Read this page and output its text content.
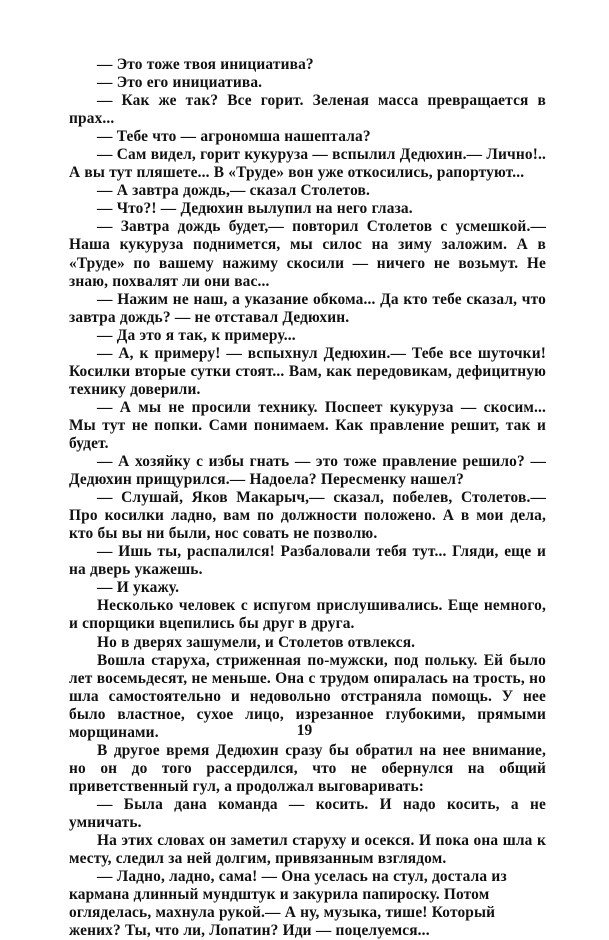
— Это тоже твоя инициатива?

— Это его инициатива.

— Как же так? Все горит. Зеленая масса превращается в прах...

— Тебе что — агрономша нашептала?

— Сам видел, горит кукуруза — вспылил Дедюхин.— Лично!.. А вы тут пляшете... В «Труде» вон уже откосились, рапортуют...

— А завтра дождь,— сказал Столетов.

— Что?! — Дедюхин вылупил на него глаза.

— Завтра дождь будет,— повторил Столетов с усмешкой.— Наша кукуруза поднимется, мы силос на зиму заложим. А в «Труде» по вашему нажиму скосили — ничего не возьмут. Не знаю, похвалят ли они вас...

— Нажим не наш, а указание обкома... Да кто тебе сказал, что завтра дождь? — не отставал Дедюхин.

— Да это я так, к примеру...

— А, к примеру! — вспыхнул Дедюхин.— Тебе все шуточки! Косилки вторые сутки стоят... Вам, как передовикам, дефицитную технику доверили.

— А мы не просили технику. Поспеет кукуруза — скосим... Мы тут не попки. Сами понимаем. Как правление решит, так и будет.

— А хозяйку с избы гнать — это тоже правление решило? — Дедюхин прищурился.— Надоела? Пересменку нашел?

— Слушай, Яков Макарыч,— сказал, побелев, Столетов.— Про косилки ладно, вам по должности положено. А в мои дела, кто бы вы ни были, нос совать не позволю.

— Ишь ты, распалился! Разбаловали тебя тут... Гляди, еще и на дверь укажешь.

— И укажу.

Несколько человек с испугом прислушивались. Еще немного, и спорщики вцепились бы друг в друга.

Но в дверях зашумели, и Столетов отвлекся.

Вошла старуха, стриженная по-мужски, под польку. Ей было лет восемьдесят, не меньше. Она с трудом опиралась на трость, но шла самостоятельно и недовольно отстраняла помощь. У нее было властное, сухое лицо, изрезанное глубокими, прямыми морщинами.

В другое время Дедюхин сразу бы обратил на нее внимание, но он до того рассердился, что не обернулся на общий приветственный гул, а продолжал выговаривать:

— Была дана команда — косить. И надо косить, а не умничать.

На этих словах он заметил старуху и осекся. И пока она шла к месту, следил за ней долгим, привязанным взглядом.

— Ладно, ладно, сама! — Она уселась на стул, достала из кармана длинный мундштук и закурила папироску. Потом огляделась, махнула рукой.— А ну, музыка, тише! Который жених? Ты, что ли, Лопатин? Иди — поцелуемся...

19
